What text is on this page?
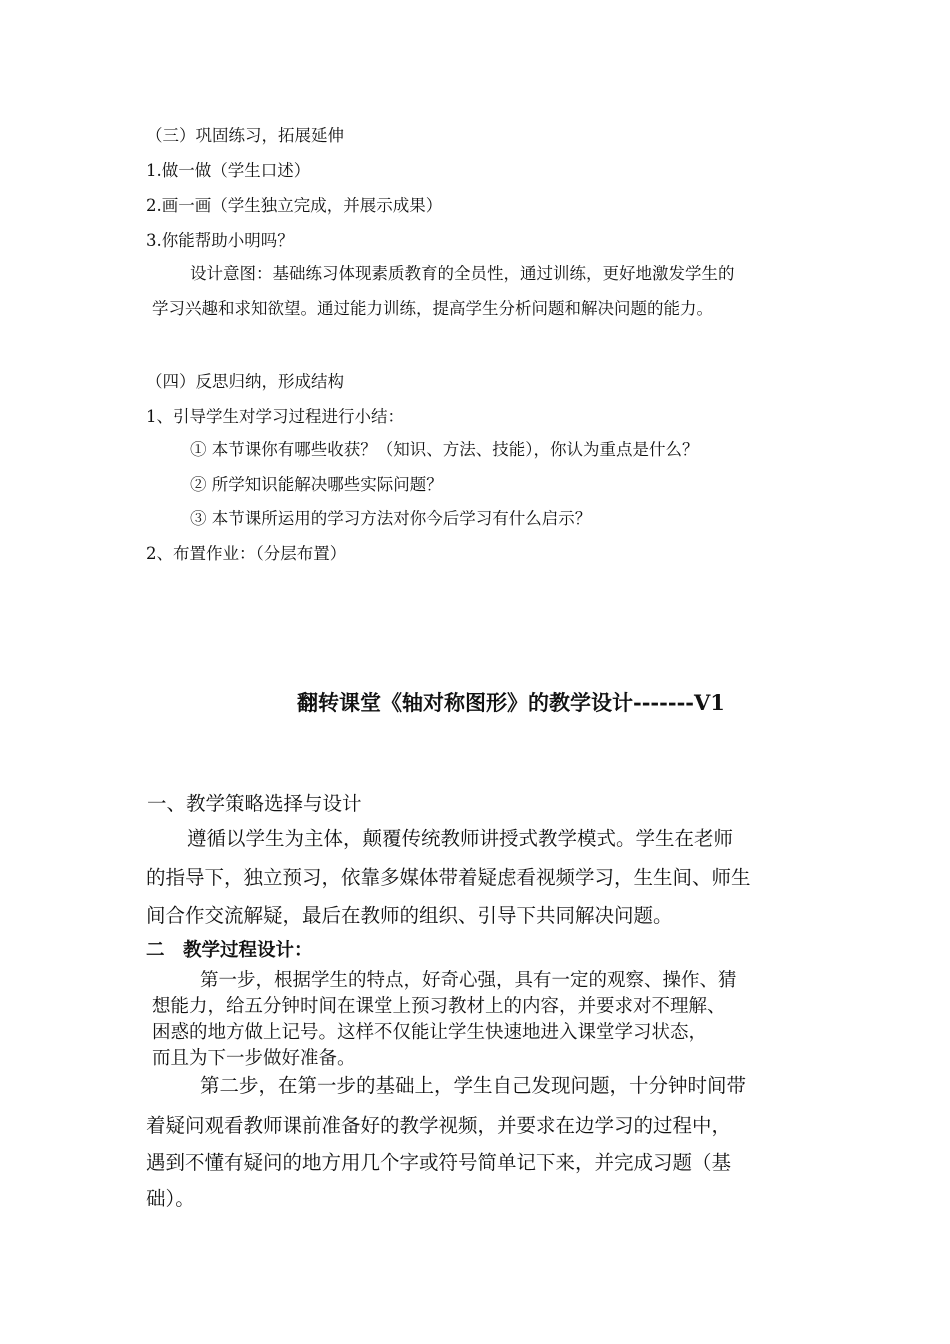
（三）巩固练习，拓展延伸
1.做一做（学生口述）
2.画一画（学生独立完成，并展示成果）
3.你能帮助小明吗？
设计意图：基础练习体现素质教育的全员性，通过训练，更好地激发学生的
学习兴趣和求知欲望。通过能力训练，提高学生分析问题和解决问题的能力。
（四）反思归纳，形成结构
1、引导学生对学习过程进行小结：
① 本节课你有哪些收获？（知识、方法、技能），你认为重点是什么？
② 所学知识能解决哪些实际问题？
③ 本节课所运用的学习方法对你今后学习有什么启示？
2、布置作业：（分层布置）
翻转课堂《轴对称图形》的教学设计-------V1
一、教学策略选择与设计
遵循以学生为主体，颠覆传统教师讲授式教学模式。学生在老师
的指导下，独立预习，依靠多媒体带着疑虑看视频学习，生生间、师生
间合作交流解疑，最后在教师的组织、引导下共同解决问题。
二　教学过程设计：
第一步，根据学生的特点，好奇心强，具有一定的观察、操作、猜
想能力，给五分钟时间在课堂上预习教材上的内容，并要求对不理解、
困惑的地方做上记号。这样不仅能让学生快速地进入课堂学习状态，
而且为下一步做好准备。
第二步，在第一步的基础上，学生自己发现问题，十分钟时间带
着疑问观看教师课前准备好的教学视频，并要求在边学习的过程中，
遇到不懂有疑问的地方用几个字或符号简单记下来，并完成习题（基
础）。
